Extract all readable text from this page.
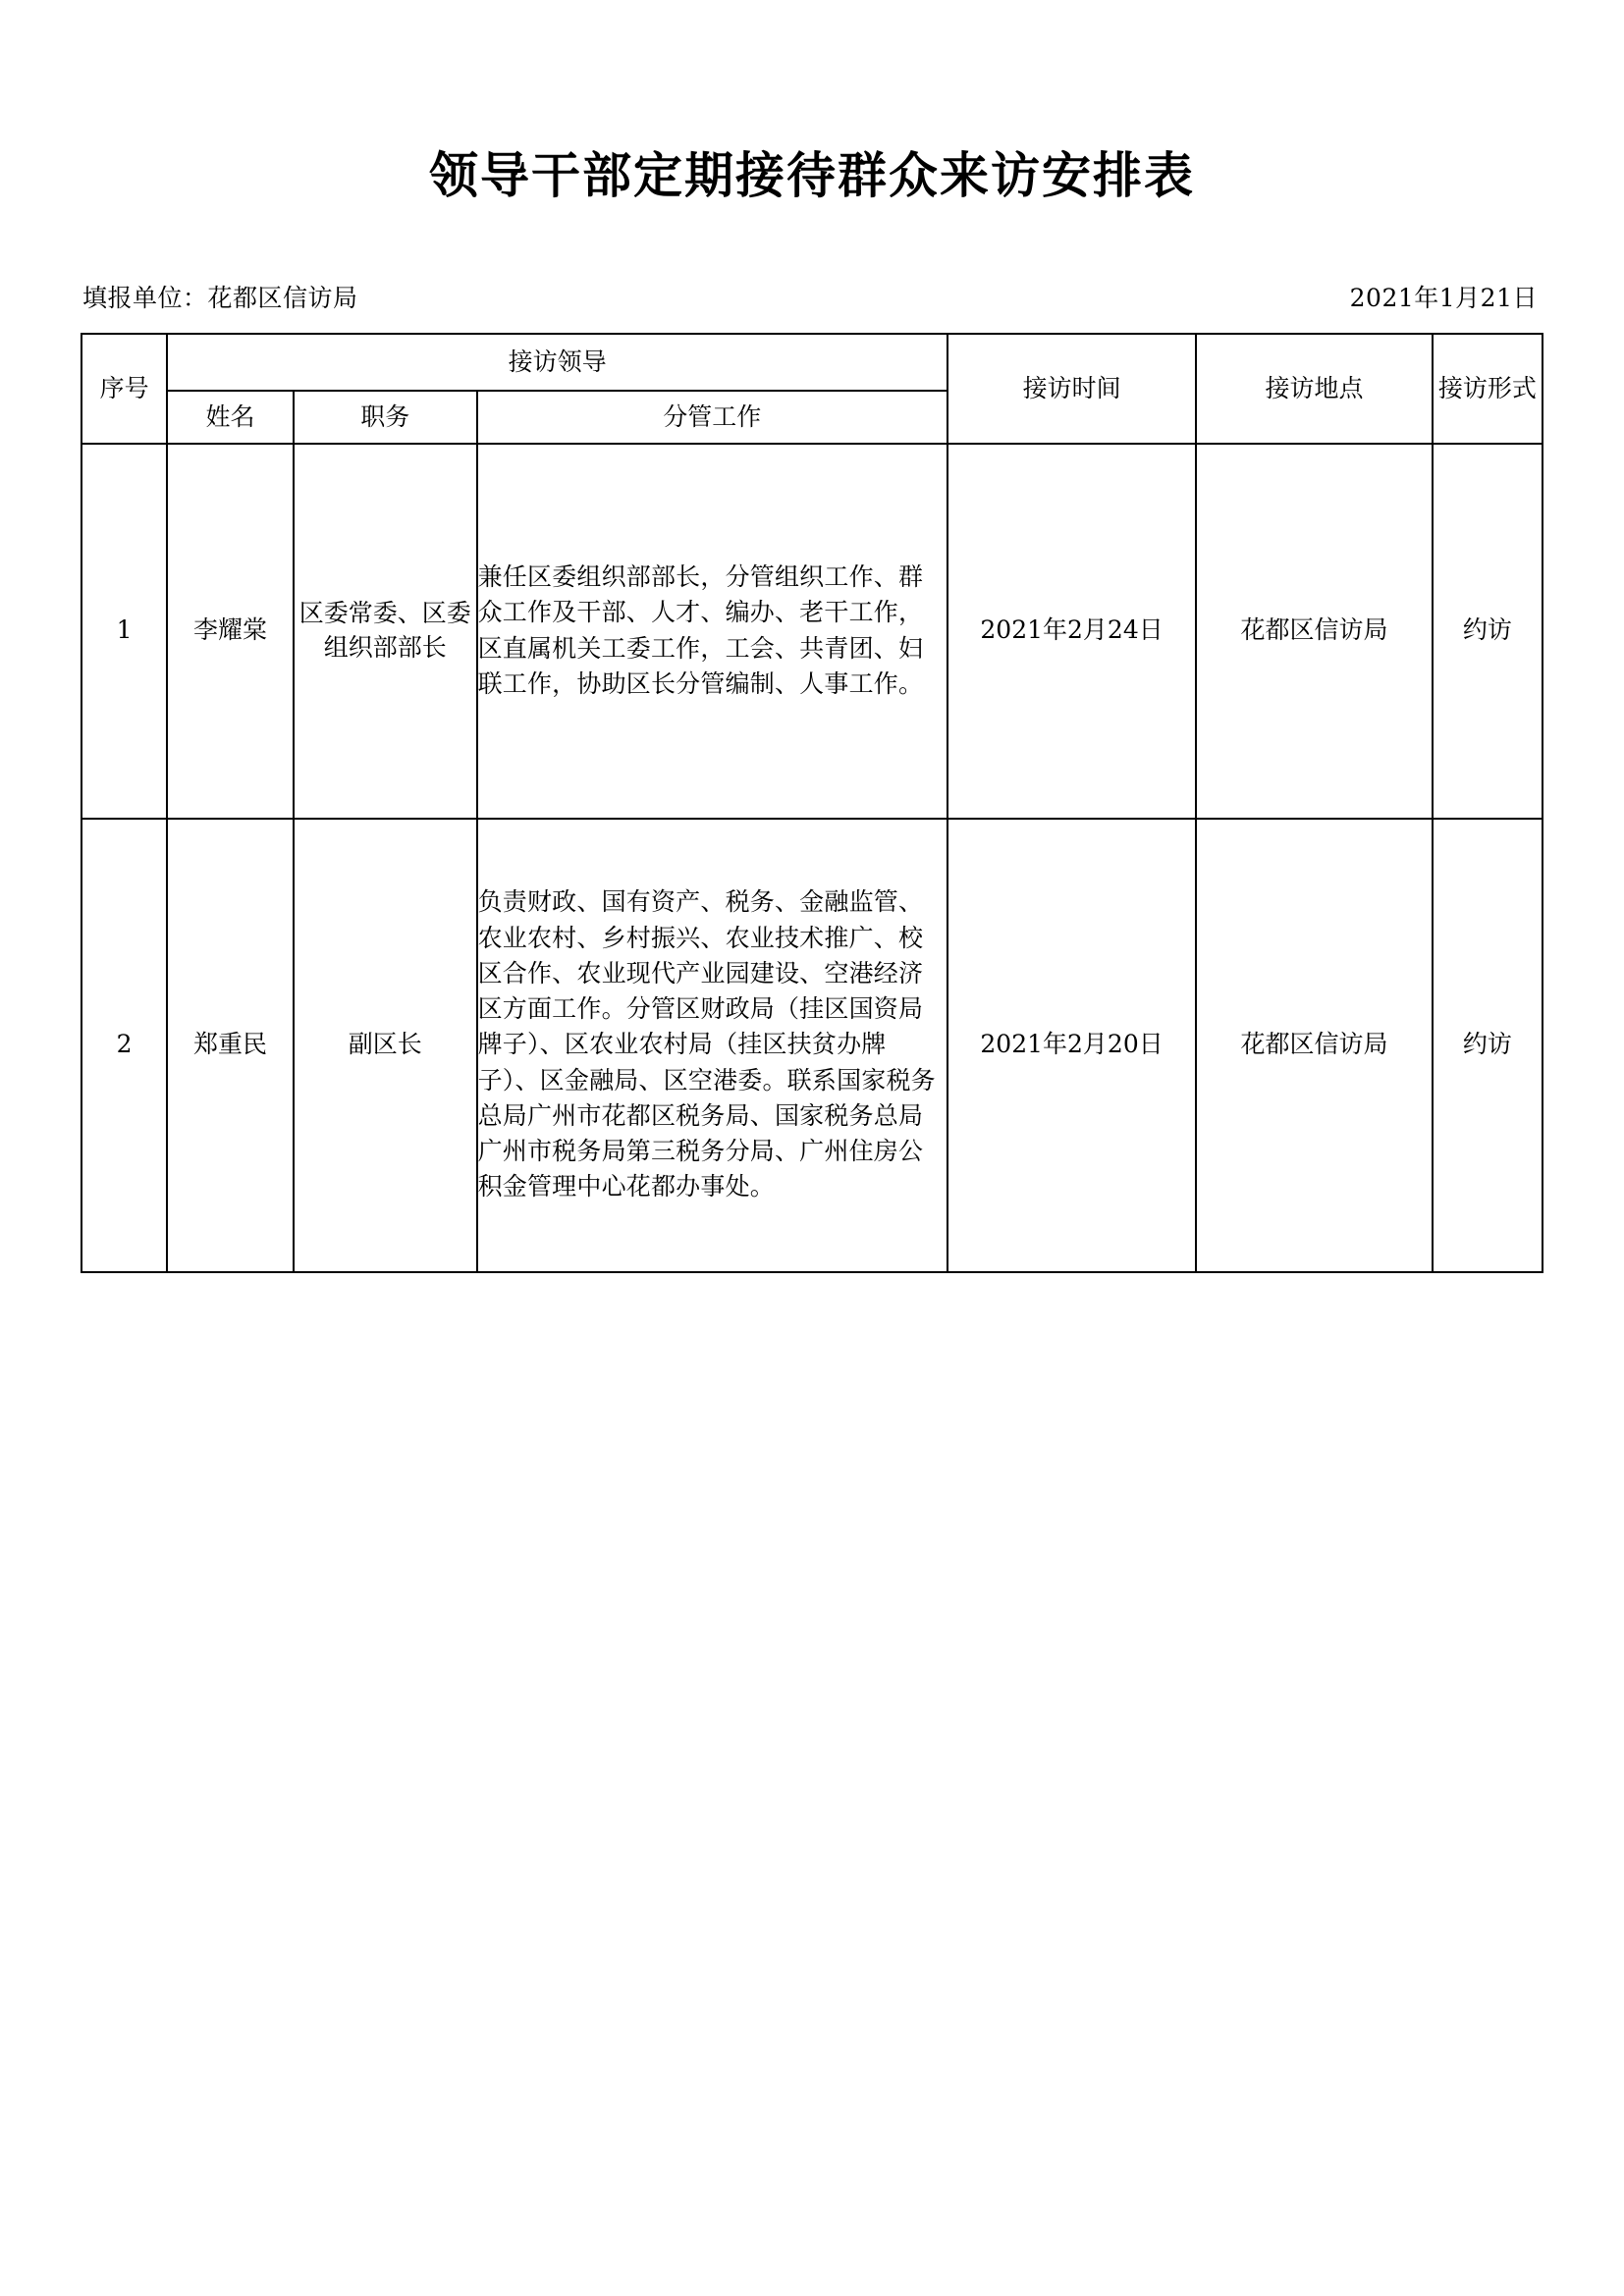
领导干部定期接待群众来访安排表
填报单位：花都区信访局	2021年1月21日
序号	接访领导			接访时间	接访地点	接访形式
	姓名	职务	分管工作			
1	李耀棠	区委常委、区委组织部部长	兼任区委组织部部长，分管组织工作、群众工作及干部、人才、编办、老干工作，区直属机关工委工作，工会、共青团、妇联工作，协助区长分管编制、人事工作。	2021年2月24日	花都区信访局	约访
2	郑重民	副区长	负责财政、国有资产、税务、金融监管、农业农村、乡村振兴、农业技术推广、校区合作、农业现代产业园建设、空港经济区方面工作。分管区财政局（挂区国资局牌子）、区农业农村局（挂区扶贫办牌子）、区金融局、区空港委。联系国家税务总局广州市花都区税务局、国家税务总局广州市税务局第三税务分局、广州住房公积金管理中心花都办事处。	2021年2月20日	花都区信访局	约访
